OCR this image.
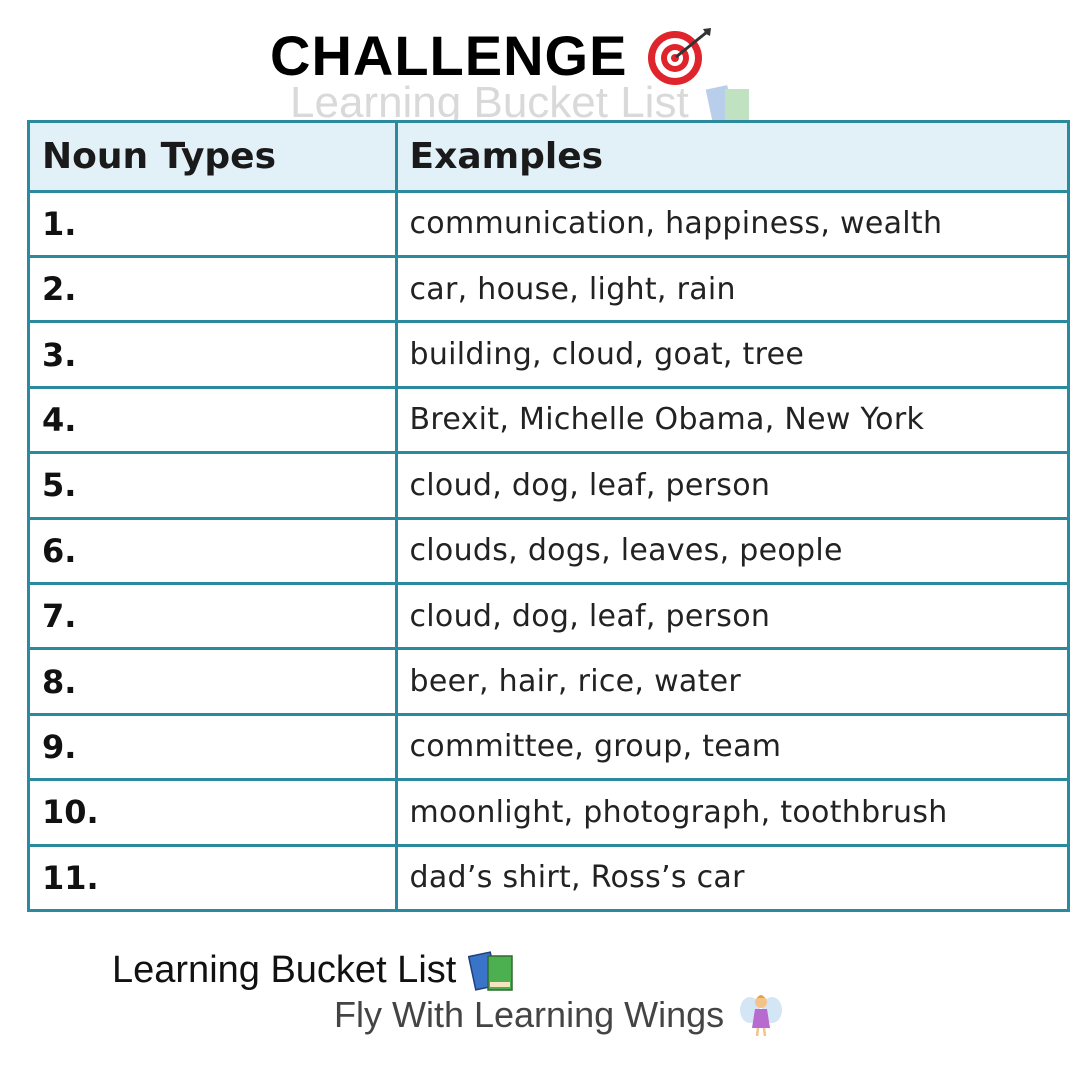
CHALLENGE
Learning Bucket List
Noun Types	Examples
1.	communication, happiness, wealth
2.	car, house, light, rain
3.	building, cloud, goat, tree
4.	Brexit, Michelle Obama, New York
5.	cloud, dog, leaf, person
6.	clouds, dogs, leaves, people
7.	cloud, dog, leaf, person
8.	beer, hair, rice, water
9.	committee, group, team
10.	moonlight, photograph, toothbrush
11.	dad’s shirt, Ross’s car
Learning Bucket List
Fly With Learning Wings
